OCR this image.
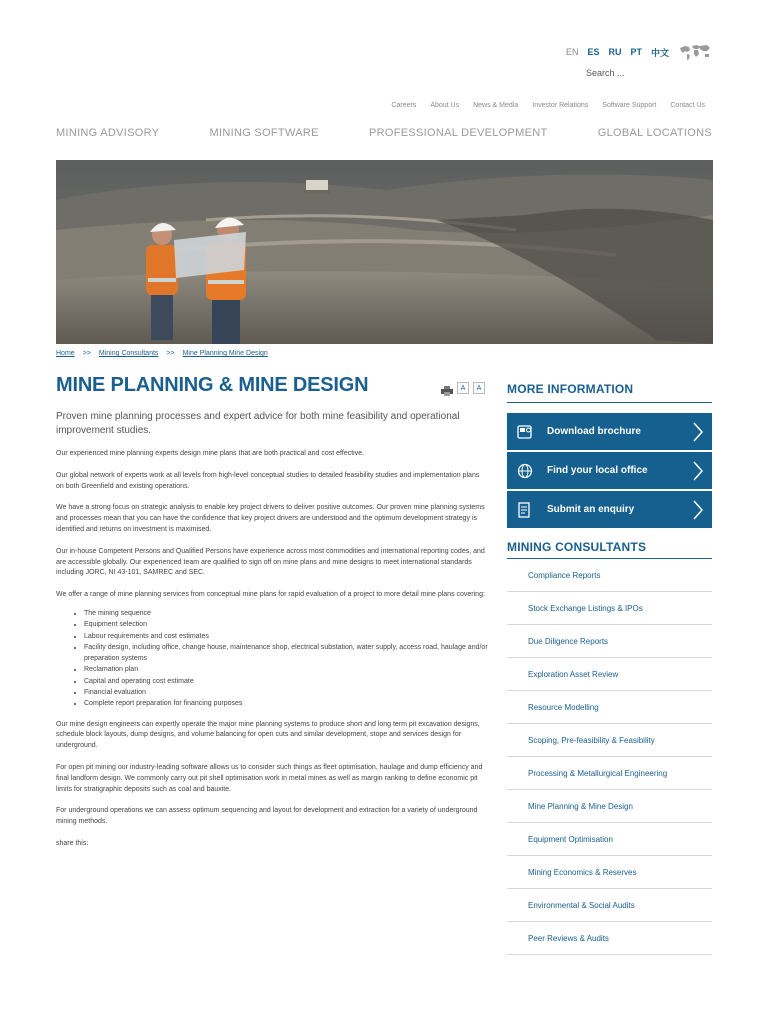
EN ES RU PT 中文
Search ...
Careers About Us News & Media Investor Relations Software Support Contact Us
MINING ADVISORY	MINING SOFTWARE	PROFESSIONAL DEVELOPMENT	GLOBAL LOCATIONS
Home >> Mining Consultants >> Mine Planning Mine Design
MINE PLANNING & MINE DESIGN	A	A

Proven mine planning processes and expert advice for both mine feasibility and operational improvement studies.

Our experienced mine planning experts design mine plans that are both practical and cost effective.

Our global network of experts work at all levels from high-level conceptual studies to detailed feasibility studies and implementation plans on both Greenfield and existing operations.

We have a strong focus on strategic analysis to enable key project drivers to deliver positive outcomes. Our proven mine planning systems and processes mean that you can have the confidence that key project drivers are understood and the optimum development strategy is identified and returns on investment is maximised.

Our in-house Competent Persons and Qualified Persons have experience across most commodities and international reporting codes, and are accessible globally. Our experienced team are qualified to sign off on mine plans and mine designs to meet international standards including JORC, NI 43-101, SAMREC and SEC.

We offer a range of mine planning services from conceptual mine plans for rapid evaluation of a project to more detail mine plans covering:

• The mining sequence
• Equipment selection
• Labour requirements and cost estimates
• Facility design, including office, change house, maintenance shop, electrical substation, water supply, access road, haulage and/or preparation systems
• Reclamation plan
• Capital and operating cost estimate
• Financial evaluation
• Complete report preparation for financing purposes

Our mine design engineers can expertly operate the major mine planning systems to produce short and long term pit excavation designs, schedule block layouts, dump designs, and volume balancing for open cuts and similar development, stope and services design for underground.

For open pit mining our industry-leading software allows us to consider such things as fleet optimisation, haulage and dump efficiency and final landform design. We commonly carry out pit shell optimisation work in metal mines as well as margin ranking to define economic pit limits for stratigraphic deposits such as coal and bauxite.

For underground operations we can assess optimum sequencing and layout for development and extraction for a variety of underground mining methods.

share this:

MORE INFORMATION
Download brochure
Find your local office
Submit an enquiry
MINING CONSULTANTS
Compliance Reports
Stock Exchange Listings & IPOs
Due Diligence Reports
Exploration Asset Review
Resource Modelling
Scoping, Pre-feasibility & Feasibility
Processing & Metallurgical Engineering
Mine Planning & Mine Design
Equipment Optimisation
Mining Economics & Reserves
Environmental & Social Audits
Peer Reviews & Audits
